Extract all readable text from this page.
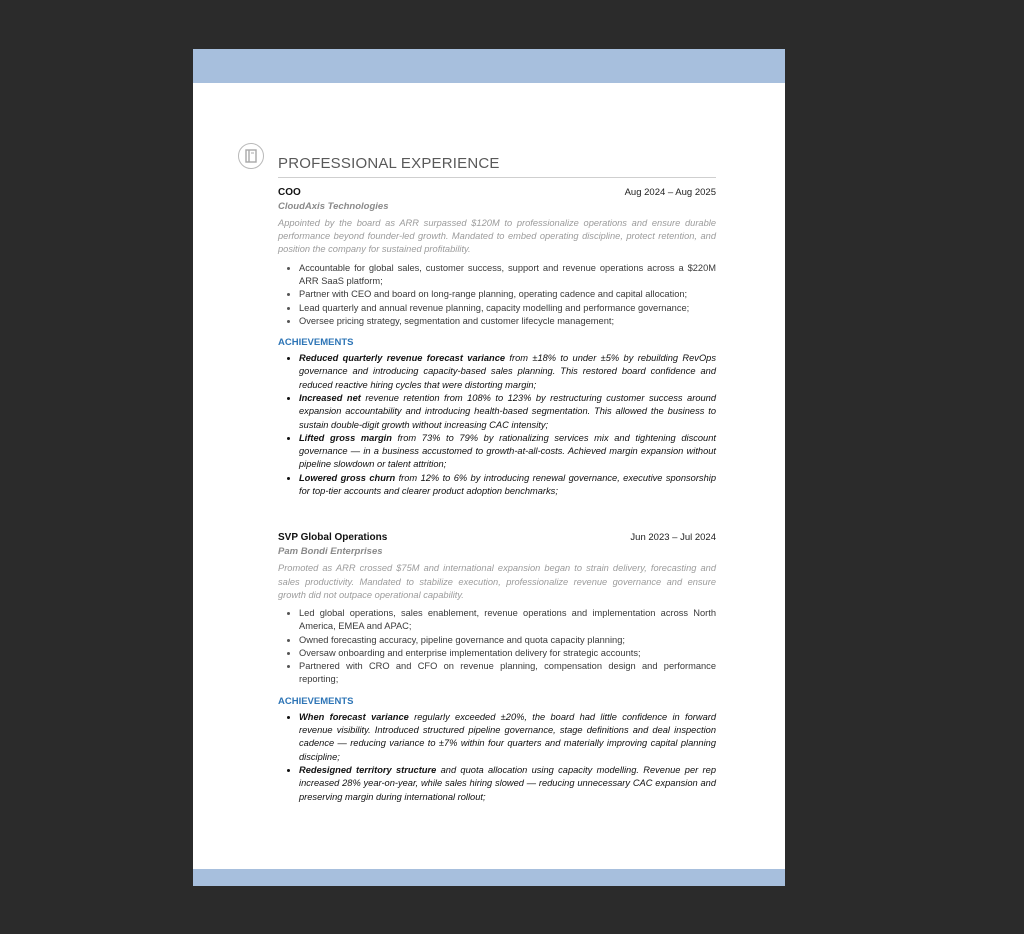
PROFESSIONAL EXPERIENCE
COO	Aug 2024 – Aug 2025
CloudAxis Technologies
Appointed by the board as ARR surpassed $120M to professionalize operations and ensure durable performance beyond founder-led growth. Mandated to embed operating discipline, protect retention, and position the company for sustained profitability.
• Accountable for global sales, customer success, support and revenue operations across a $220M ARR SaaS platform;
• Partner with CEO and board on long-range planning, operating cadence and capital allocation;
• Lead quarterly and annual revenue planning, capacity modelling and performance governance;
• Oversee pricing strategy, segmentation and customer lifecycle management;
ACHIEVEMENTS
• Reduced quarterly revenue forecast variance from ±18% to under ±5% by rebuilding RevOps governance and introducing capacity-based sales planning. This restored board confidence and reduced reactive hiring cycles that were distorting margin;
• Increased net revenue retention from 108% to 123% by restructuring customer success around expansion accountability and introducing health-based segmentation. This allowed the business to sustain double-digit growth without increasing CAC intensity;
• Lifted gross margin from 73% to 79% by rationalizing services mix and tightening discount governance — in a business accustomed to growth-at-all-costs. Achieved margin expansion without pipeline slowdown or talent attrition;
• Lowered gross churn from 12% to 6% by introducing renewal governance, executive sponsorship for top-tier accounts and clearer product adoption benchmarks;
SVP Global Operations	Jun 2023 – Jul 2024
Pam Bondi Enterprises
Promoted as ARR crossed $75M and international expansion began to strain delivery, forecasting and sales productivity. Mandated to stabilize execution, professionalize revenue governance and ensure growth did not outpace operational capability.
• Led global operations, sales enablement, revenue operations and implementation across North America, EMEA and APAC;
• Owned forecasting accuracy, pipeline governance and quota capacity planning;
• Oversaw onboarding and enterprise implementation delivery for strategic accounts;
• Partnered with CRO and CFO on revenue planning, compensation design and performance reporting;
ACHIEVEMENTS
• When forecast variance regularly exceeded ±20%, the board had little confidence in forward revenue visibility. Introduced structured pipeline governance, stage definitions and deal inspection cadence — reducing variance to ±7% within four quarters and materially improving capital planning discipline;
• Redesigned territory structure and quota allocation using capacity modelling. Revenue per rep increased 28% year-on-year, while sales hiring slowed — reducing unnecessary CAC expansion and preserving margin during international rollout;
